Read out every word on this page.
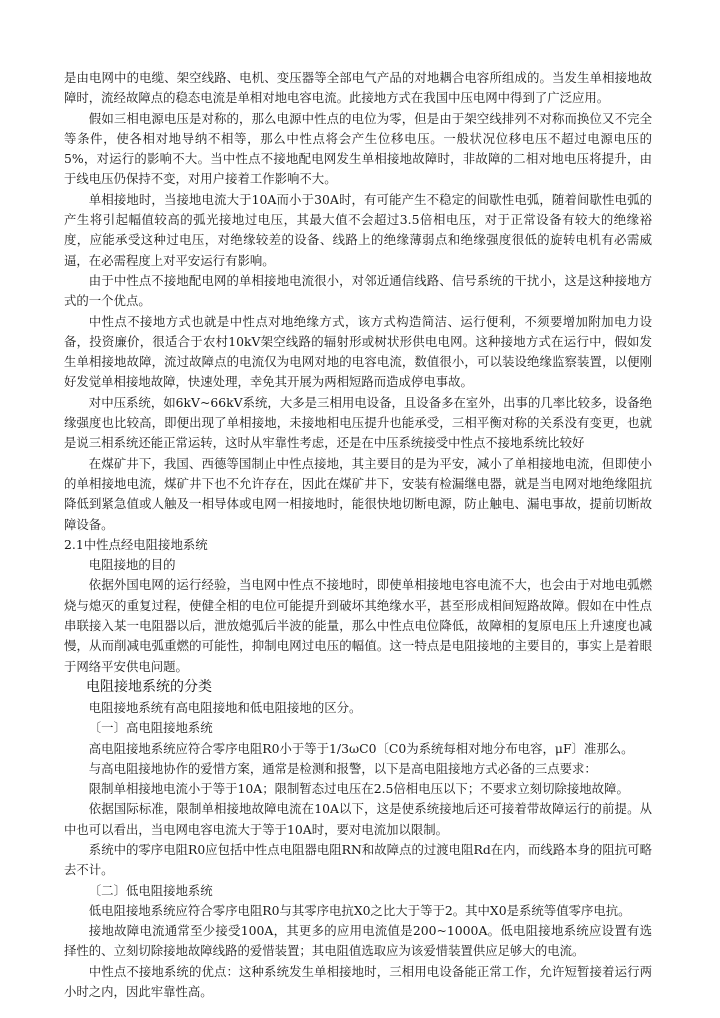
是由电网中的电缆、架空线路、电机、变压器等全部电气产品的对地耦合电容所组成的。当发生单相接地故障时，流经故障点的稳态电流是单相对地电容电流。此接地方式在我国中压电网中得到了广泛应用。

假如三相电源电压是对称的，那么电源中性点的电位为零，但是由于架空线排列不对称而换位又不完全等条件，使各相对地导纳不相等，那么中性点将会产生位移电压。一般状况位移电压不超过电源电压的5%，对运行的影响不大。当中性点不接地配电网发生单相接地故障时，非故障的二相对地电压将提升，由于线电压仍保持不变，对用户接着工作影响不大。

单相接地时，当接地电流大于10A而小于30A时，有可能产生不稳定的间歇性电弧，随着间歇性电弧的产生将引起幅值较高的弧光接地过电压，其最大值不会超过3.5倍相电压，对于正常设备有较大的绝缘裕度，应能承受这种过电压，对绝缘较差的设备、线路上的绝缘薄弱点和绝缘强度很低的旋转电机有必需威逼，在必需程度上对平安运行有影响。

由于中性点不接地配电网的单相接地电流很小，对邻近通信线路、信号系统的干扰小，这是这种接地方式的一个优点。

中性点不接地方式也就是中性点对地绝缘方式，该方式构造简洁、运行便利，不须要增加附加电力设备，投资廉价，很适合于农村10kV架空线路的辐射形或树状形供电电网。这种接地方式在运行中，假如发生单相接地故障，流过故障点的电流仅为电网对地的电容电流，数值很小，可以装设绝缘监察装置，以便刚好发觉单相接地故障，快速处理，幸免其开展为两相短路而造成停电事故。

对中压系统，如6kV~66kV系统，大多是三相用电设备，且设备多在室外，出事的几率比较多，设备绝缘强度也比较高，即便出现了单相接地，未接地相电压提升也能承受，三相平衡对称的关系没有变更，也就是说三相系统还能正常运转，这时从牢靠性考虑，还是在中压系统接受中性点不接地系统比较好

在煤矿井下，我国、西德等国制止中性点接地，其主要目的是为平安，减小了单相接地电流，但即使小的单相接地电流，煤矿井下也不允许存在，因此在煤矿井下，安装有检漏继电器，就是当电网对地绝缘阻抗降低到紧急值或人触及一相导体或电网一相接地时，能很快地切断电源，防止触电、漏电事故，提前切断故障设备。

2.1中性点经电阻接地系统

电阻接地的目的

依据外国电网的运行经验，当电网中性点不接地时，即使单相接地电容电流不大，也会由于对地电弧燃烧与熄灭的重复过程，使健全相的电位可能提升到破坏其绝缘水平，甚至形成相间短路故障。假如在中性点串联接入某一电阻器以后，泄放熄弧后半波的能量，那么中性点电位降低，故障相的复原电压上升速度也减慢，从而削减电弧重燃的可能性，抑制电网过电压的幅值。这一特点是电阻接地的主要目的，事实上是着眼于网络平安供电问题。

电阻接地系统的分类

电阻接地系统有高电阻接地和低电阻接地的区分。

〔一〕高电阻接地系统

高电阻接地系统应符合零序电阻R0小于等于1/3ωC0〔C0为系统每相对地分布电容，μF〕准那么。

与高电阻接地协作的爱惜方案，通常是检测和报警，以下是高电阻接地方式必备的三点要求：

限制单相接地电流小于等于10A；限制暂态过电压在2.5倍相电压以下；不要求立刻切除接地故障。

依据国际标准，限制单相接地故障电流在10A以下，这是使系统接地后还可接着带故障运行的前提。从中也可以看出，当电网电容电流大于等于10A时，要对电流加以限制。

系统中的零序电阻R0应包括中性点电阻器电阻RN和故障点的过渡电阻Rd在内，而线路本身的阻抗可略去不计。

〔二〕低电阻接地系统

低电阻接地系统应符合零序电阻R0与其零序电抗X0之比大于等于2。其中X0是系统等值零序电抗。

接地故障电流通常至少接受100A，其更多的应用电流值是200~1000A。低电阻接地系统应设置有选择性的、立刻切除接地故障线路的爱惜装置；其电阻值选取应为该爱惜装置供应足够大的电流。

中性点不接地系统的优点：这种系统发生单相接地时，三相用电设备能正常工作，允许短暂接着运行两小时之内，因此牢靠性高。
